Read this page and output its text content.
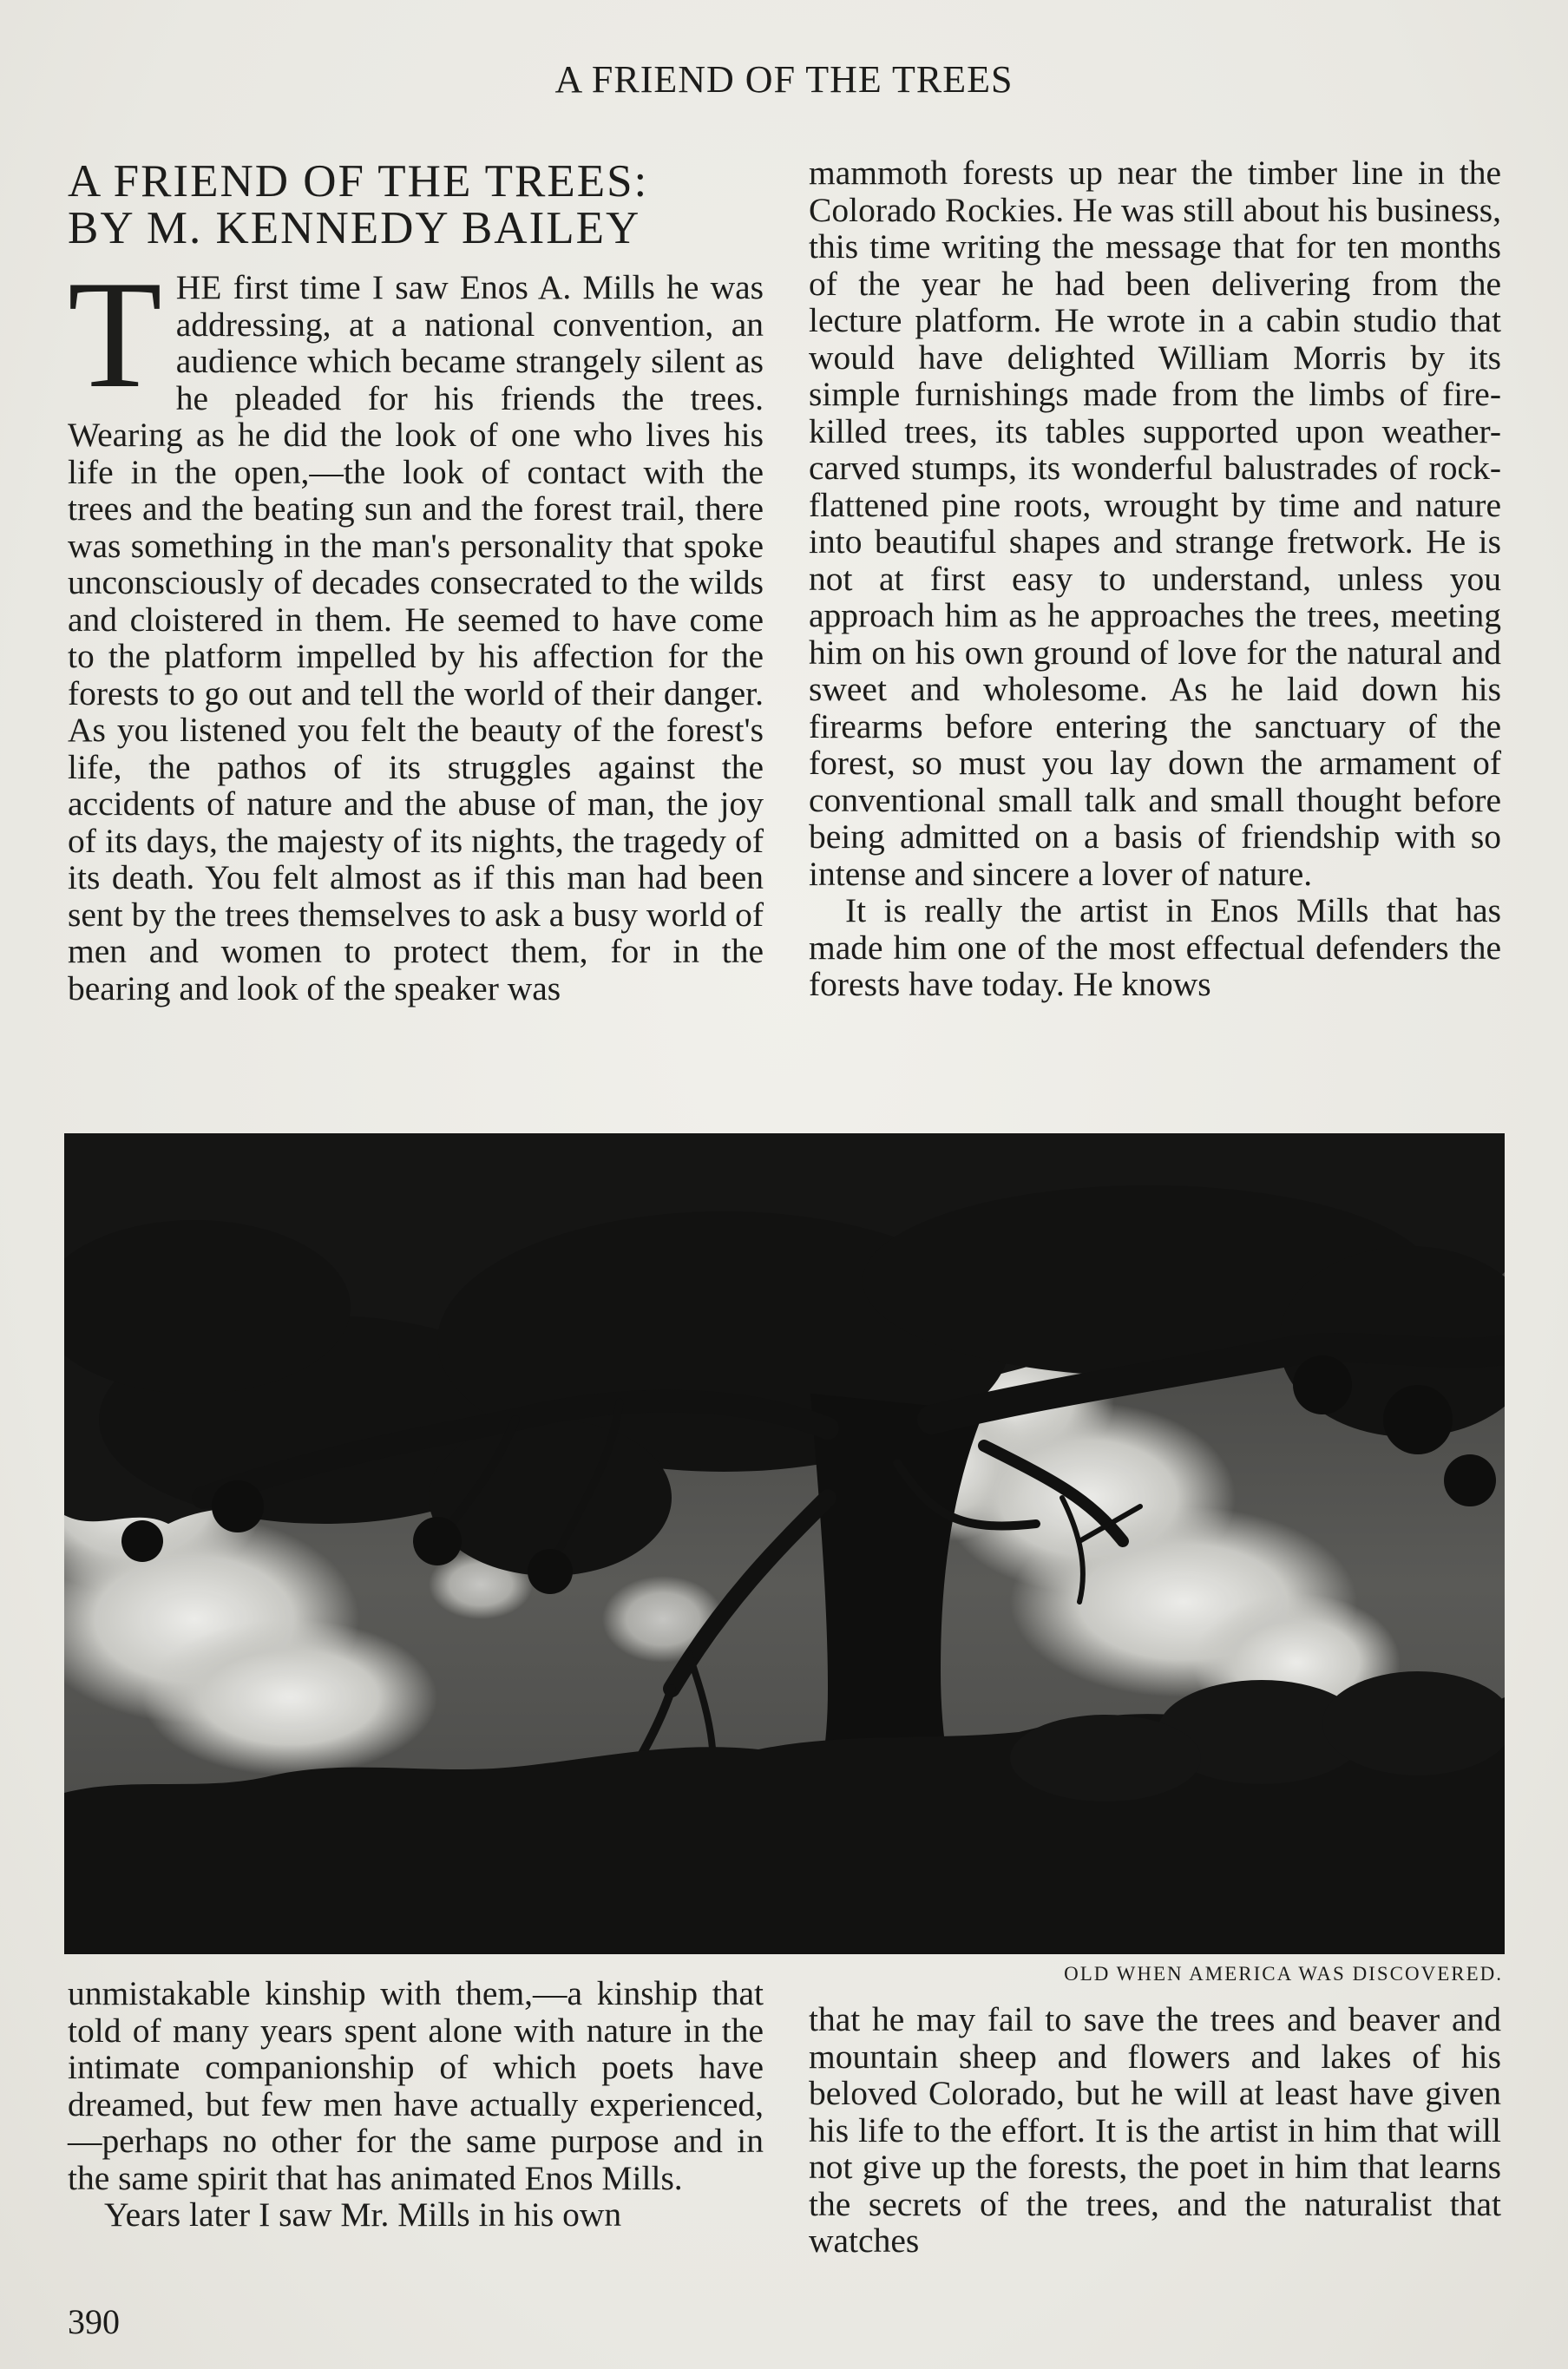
A FRIEND OF THE TREES
A FRIEND OF THE TREES:
BY M. KENNEDY BAILEY

THE first time I saw Enos A. Mills he was addressing, at a national convention, an audience which became strangely silent as he pleaded for his friends the trees. Wearing as he did the look of one who lives his life in the open,—the look of contact with the trees and the beating sun and the forest trail, there was something in the man's personality that spoke unconsciously of decades consecrated to the wilds and cloistered in them. He seemed to have come to the platform impelled by his affection for the forests to go out and tell the world of their danger. As you listened you felt the beauty of the forest's life, the pathos of its struggles against the accidents of nature and the abuse of man, the joy of its days, the majesty of its nights, the tragedy of its death. You felt almost as if this man had been sent by the trees themselves to ask a busy world of men and women to protect them, for in the bearing and look of the speaker was

mammoth forests up near the timber line in the Colorado Rockies. He was still about his business, this time writing the message that for ten months of the year he had been delivering from the lecture platform. He wrote in a cabin studio that would have delighted William Morris by its simple furnishings made from the limbs of fire-killed trees, its tables supported upon weather-carved stumps, its wonderful balustrades of rock-flattened pine roots, wrought by time and nature into beautiful shapes and strange fretwork. He is not at first easy to understand, unless you approach him as he approaches the trees, meeting him on his own ground of love for the natural and sweet and wholesome. As he laid down his firearms before entering the sanctuary of the forest, so must you lay down the armament of conventional small talk and small thought before being admitted on a basis of friendship with so intense and sincere a lover of nature.

It is really the artist in Enos Mills that has made him one of the most effectual defenders the forests have today. He knows

OLD WHEN AMERICA WAS DISCOVERED.

unmistakable kinship with them,—a kinship that told of many years spent alone with nature in the intimate companionship of which poets have dreamed, but few men have actually experienced,—perhaps no other for the same purpose and in the same spirit that has animated Enos Mills.

Years later I saw Mr. Mills in his own

that he may fail to save the trees and beaver and mountain sheep and flowers and lakes of his beloved Colorado, but he will at least have given his life to the effort. It is the artist in him that will not give up the forests, the poet in him that learns the secrets of the trees, and the naturalist that watches

390
